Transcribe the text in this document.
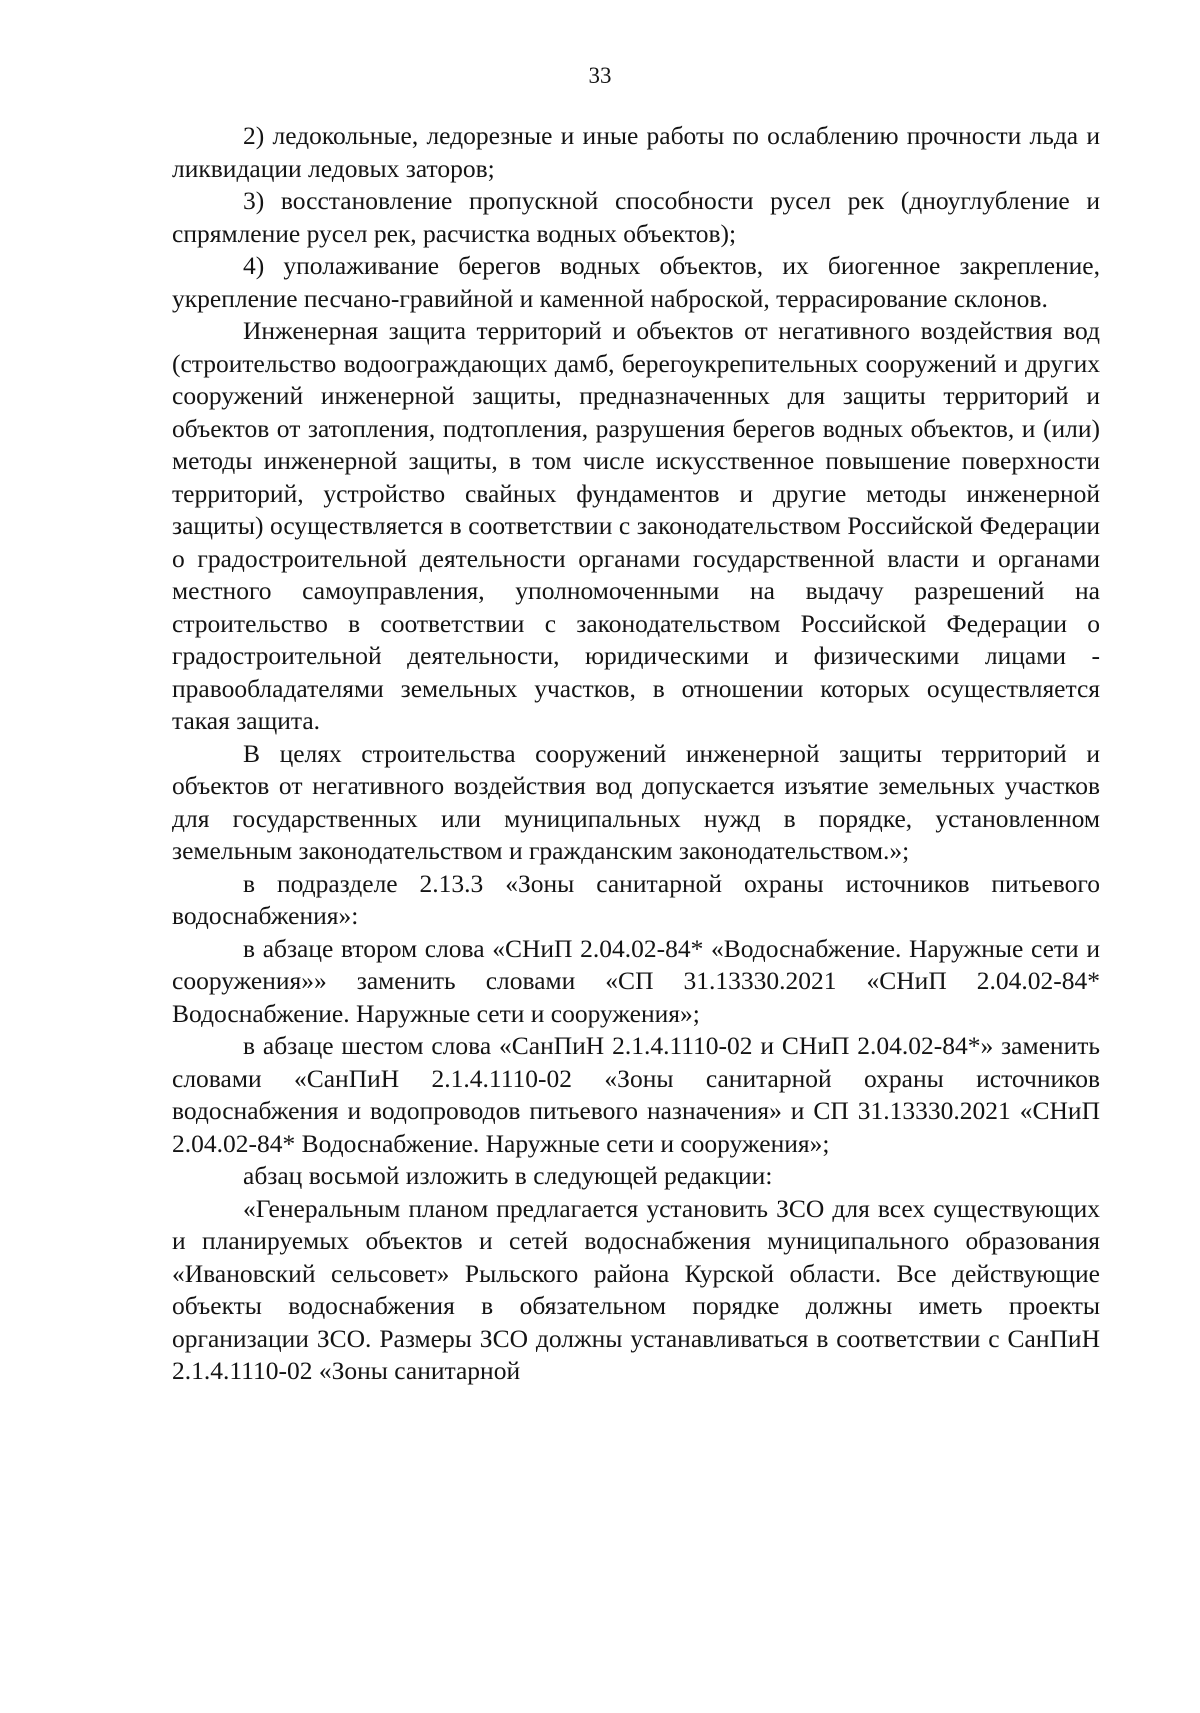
33

2) ледокольные, ледорезные и иные работы по ослаблению прочности льда и ликвидации ледовых заторов;

3) восстановление пропускной способности русел рек (дноуглубление и спрямление русел рек, расчистка водных объектов);

4) уполаживание берегов водных объектов, их биогенное закрепление, укрепление песчано-гравийной и каменной наброской, террасирование склонов.

Инженерная защита территорий и объектов от негативного воздействия вод (строительство водоограждающих дамб, берегоукрепительных сооружений и других сооружений инженерной защиты, предназначенных для защиты территорий и объектов от затопления, подтопления, разрушения берегов водных объектов, и (или) методы инженерной защиты, в том числе искусственное повышение поверхности территорий, устройство свайных фундаментов и другие методы инженерной защиты) осуществляется в соответствии с законодательством Российской Федерации о градостроительной деятельности органами государственной власти и органами местного самоуправления, уполномоченными на выдачу разрешений на строительство в соответствии с законодательством Российской Федерации о градостроительной деятельности, юридическими и физическими лицами - правообладателями земельных участков, в отношении которых осуществляется такая защита.

В целях строительства сооружений инженерной защиты территорий и объектов от негативного воздействия вод допускается изъятие земельных участков для государственных или муниципальных нужд в порядке, установленном земельным законодательством и гражданским законодательством.»;

в подразделе 2.13.3 «Зоны санитарной охраны источников питьевого водоснабжения»:

в абзаце втором слова «СНиП 2.04.02-84* «Водоснабжение. Наружные сети и сооружения»» заменить словами «СП 31.13330.2021 «СНиП 2.04.02-84* Водоснабжение. Наружные сети и сооружения»;

в абзаце шестом слова «СанПиН 2.1.4.1110-02 и СНиП 2.04.02-84*» заменить словами «СанПиН 2.1.4.1110-02 «Зоны санитарной охраны источников водоснабжения и водопроводов питьевого назначения» и СП 31.13330.2021 «СНиП 2.04.02-84* Водоснабжение. Наружные сети и сооружения»;

абзац восьмой изложить в следующей редакции:

«Генеральным планом предлагается установить ЗСО для всех существующих и планируемых объектов и сетей водоснабжения муниципального образования «Ивановский сельсовет» Рыльского района Курской области. Все действующие объекты водоснабжения в обязательном порядке должны иметь проекты организации ЗСО. Размеры ЗСО должны устанавливаться в соответствии с СанПиН 2.1.4.1110-02 «Зоны санитарной
